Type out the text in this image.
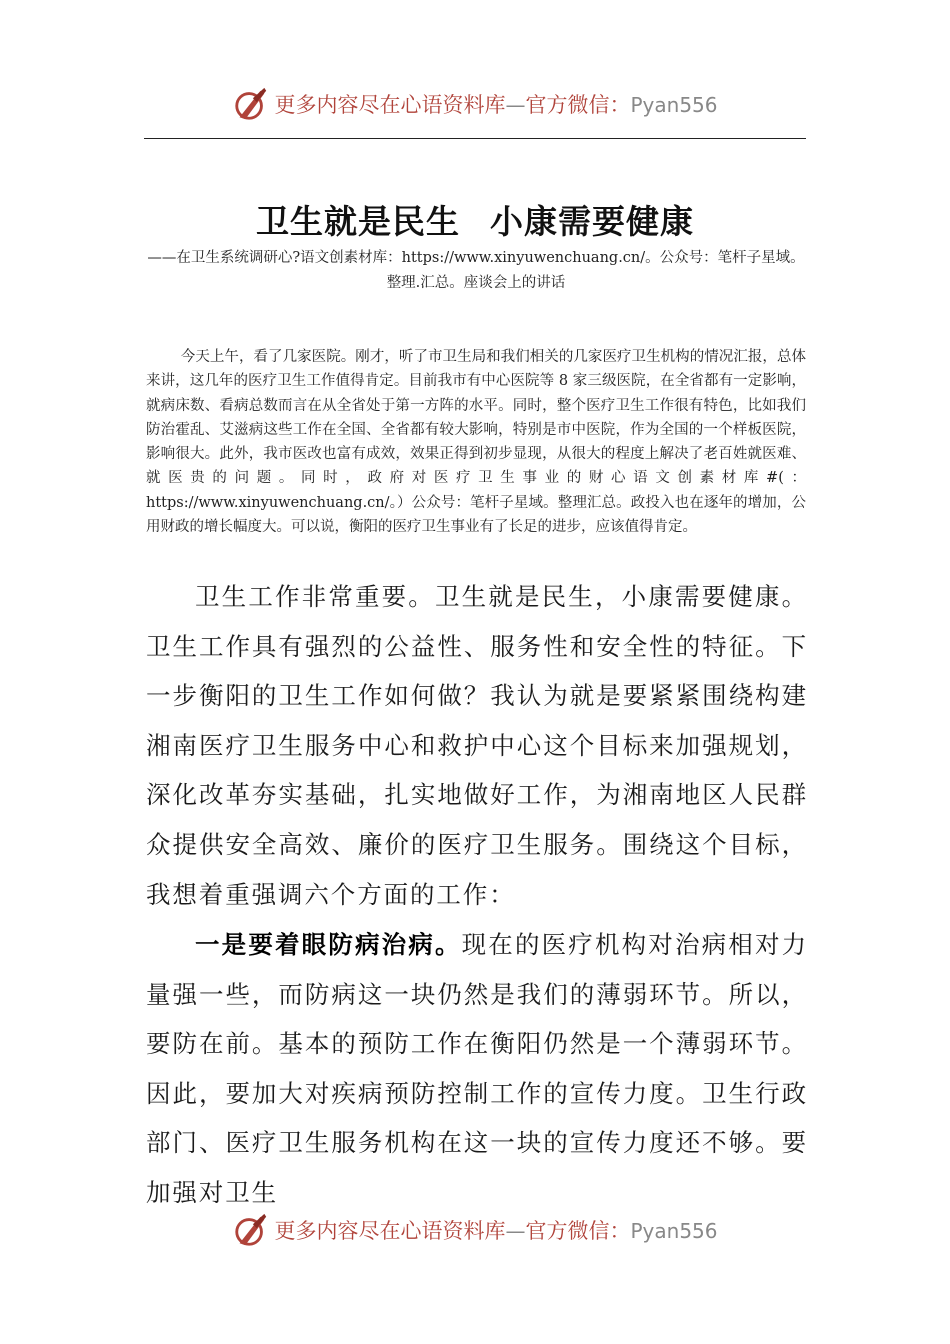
更多内容尽在心语资料库—官方微信：Pyan556
卫生就是民生 小康需要健康
——在卫生系统调研心?语文创素材库：https://www.xinyuwenchuang.cn/。公众号：笔杆子星域。整理.汇总。座谈会上的讲话

今天上午，看了几家医院。刚才，听了市卫生局和我们相关的几家医疗卫生机构的情况汇报，总体来讲，这几年的医疗卫生工作值得肯定。目前我市有中心医院等 8 家三级医院，在全省都有一定影响，就病床数、看病总数而言在从全省处于第一方阵的水平。同时，整个医疗卫生工作很有特色，比如我们防治霍乱、艾滋病这些工作在全国、全省都有较大影响，特别是市中医院，作为全国的一个样板医院，影响很大。此外，我市医改也富有成效，效果正得到初步显现，从很大的程度上解决了老百姓就医难、就医贵的问题。同时，政府对医疗卫生事业的财心语文创素材库#(：https://www.xinyuwenchuang.cn/。）公众号：笔杆子星域。整理汇总。政投入也在逐年的增加，公用财政的增长幅度大。可以说，衡阳的医疗卫生事业有了长足的进步，应该值得肯定。

卫生工作非常重要。卫生就是民生，小康需要健康。卫生工作具有强烈的公益性、服务性和安全性的特征。下一步衡阳的卫生工作如何做？我认为就是要紧紧围绕构建湘南医疗卫生服务中心和救护中心这个目标来加强规划，深化改革夯实基础，扎实地做好工作，为湘南地区人民群众提供安全高效、廉价的医疗卫生服务。围绕这个目标，我想着重强调六个方面的工作：

一是要着眼防病治病。现在的医疗机构对治病相对力量强一些，而防病这一块仍然是我们的薄弱环节。所以，要防在前。基本的预防工作在衡阳仍然是一个薄弱环节。因此，要加大对疾病预防控制工作的宣传力度。卫生行政部门、医疗卫生服务机构在这一块的宣传力度还不够。要加强对卫生

更多内容尽在心语资料库—官方微信：Pyan556
